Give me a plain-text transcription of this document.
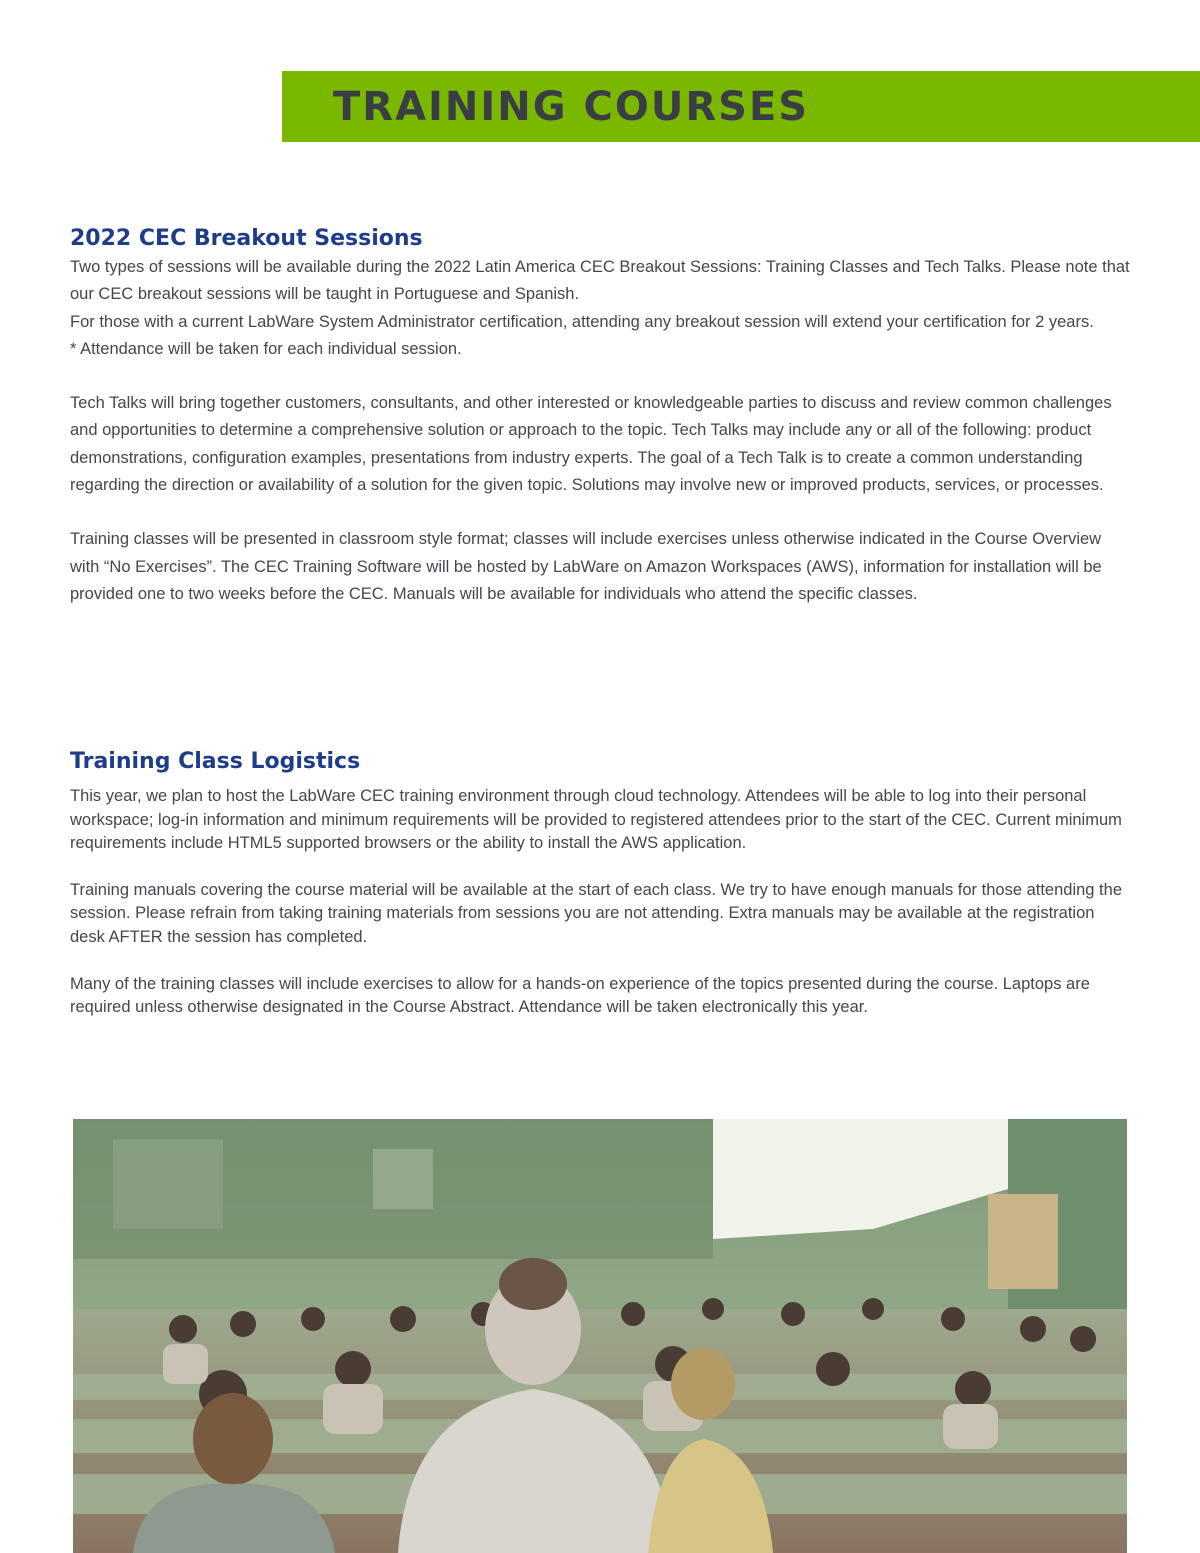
TRAINING COURSES
2022 CEC Breakout Sessions

Two types of sessions will be available during the 2022 Latin America CEC Breakout Sessions: Training Classes and Tech Talks. Please note that our CEC breakout sessions will be taught in Portuguese and Spanish.

For those with a current LabWare System Administrator certification, attending any breakout session will extend your certification for 2 years.

* Attendance will be taken for each individual session.

Tech Talks will bring together customers, consultants, and other interested or knowledgeable parties to discuss and review common challenges and opportunities to determine a comprehensive solution or approach to the topic. Tech Talks may include any or all of the following: product demonstrations, configuration examples, presentations from industry experts. The goal of a Tech Talk is to create a common understanding regarding the direction or availability of a solution for the given topic. Solutions may involve new or improved products, services, or processes.

Training classes will be presented in classroom style format; classes will include exercises unless otherwise indicated in the Course Overview with “No Exercises”. The CEC Training Software will be hosted by LabWare on Amazon Workspaces (AWS), information for installation will be provided one to two weeks before the CEC. Manuals will be available for individuals who attend the specific classes.

Training Class Logistics

This year, we plan to host the LabWare CEC training environment through cloud technology. Attendees will be able to log into their personal workspace; log-in information and minimum requirements will be provided to registered attendees prior to the start of the CEC. Current minimum requirements include HTML5 supported browsers or the ability to install the AWS application.

Training manuals covering the course material will be available at the start of each class. We try to have enough manuals for those attending the session. Please refrain from taking training materials from sessions you are not attending. Extra manuals may be available at the registration desk AFTER the session has completed.

Many of the training classes will include exercises to allow for a hands-on experience of the topics presented during the course. Laptops are required unless otherwise designated in the Course Abstract. Attendance will be taken electronically this year.
